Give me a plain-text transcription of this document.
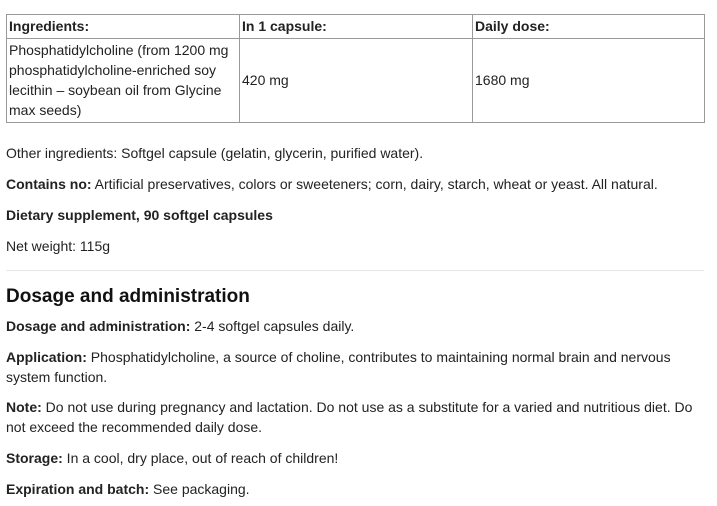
Ingredients:	In 1 capsule:	Daily dose:
Phosphatidylcholine (from 1200 mg phosphatidylcholine-enriched soy lecithin – soybean oil from Glycine max seeds)	420 mg	1680 mg

Other ingredients: Softgel capsule (gelatin, glycerin, purified water).

Contains no: Artificial preservatives, colors or sweeteners; corn, dairy, starch, wheat or yeast. All natural.

Dietary supplement, 90 softgel capsules

Net weight: 115g

Dosage and administration

Dosage and administration: 2-4 softgel capsules daily.

Application: Phosphatidylcholine, a source of choline, contributes to maintaining normal brain and nervous system function.

Note: Do not use during pregnancy and lactation. Do not use as a substitute for a varied and nutritious diet. Do not exceed the recommended daily dose.

Storage: In a cool, dry place, out of reach of children!

Expiration and batch: See packaging.
